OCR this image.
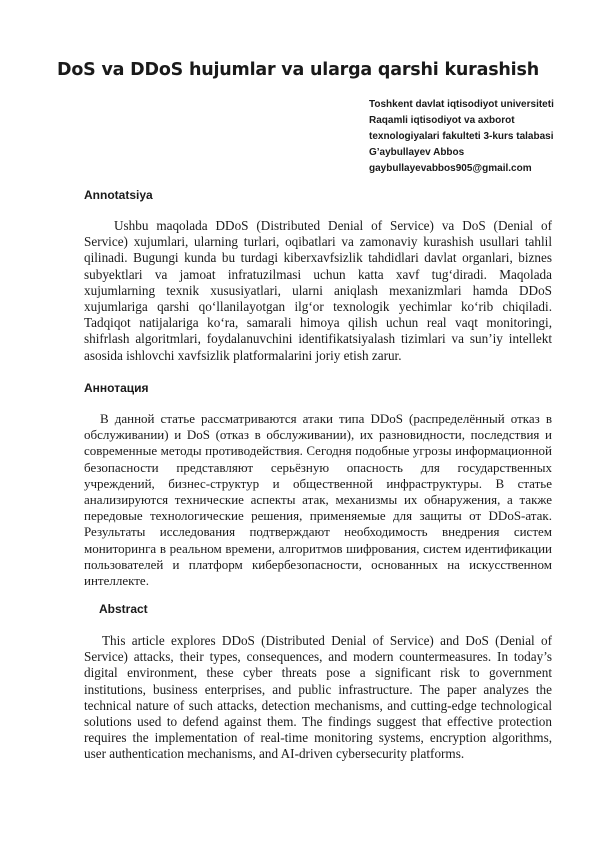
DoS va DDoS hujumlar va ularga qarshi kurashish
Toshkent davlat iqtisodiyot universiteti
Raqamli iqtisodiyot va axborot
texnologiyalari fakulteti 3-kurs talabasi
G’aybullayev Abbos
gaybullayevabbos905@gmail.com
Annotatsiya

Ushbu maqolada DDoS (Distributed Denial of Service) va DoS (Denial of Service) xujumlari, ularning turlari, oqibatlari va zamonaviy kurashish usullari tahlil qilinadi. Bugungi kunda bu turdagi kiberxavfsizlik tahdidlari davlat organlari, biznes subyektlari va jamoat infratuzilmasi uchun katta xavf tug‘diradi. Maqolada xujumlarning texnik xususiyatlari, ularni aniqlash mexanizmlari hamda DDoS xujumlariga qarshi qo‘llanilayotgan ilg‘or texnologik yechimlar ko‘rib chiqiladi. Tadqiqot natijalariga ko‘ra, samarali himoya qilish uchun real vaqt monitoringi, shifrlash algoritmlari, foydalanuvchini identifikatsiyalash tizimlari va sun’iy intellekt asosida ishlovchi xavfsizlik platformalarini joriy etish zarur.

Аннотация

В данной статье рассматриваются атаки типа DDoS (распределённый отказ в обслуживании) и DoS (отказ в обслуживании), их разновидности, последствия и современные методы противодействия. Сегодня подобные угрозы информационной безопасности представляют серьёзную опасность для государственных учреждений, бизнес-структур и общественной инфраструктуры. В статье анализируются технические аспекты атак, механизмы их обнаружения, а также передовые технологические решения, применяемые для защиты от DDoS-атак. Результаты исследования подтверждают необходимость внедрения систем мониторинга в реальном времени, алгоритмов шифрования, систем идентификации пользователей и платформ кибербезопасности, основанных на искусственном интеллекте.

Abstract

This article explores DDoS (Distributed Denial of Service) and DoS (Denial of Service) attacks, their types, consequences, and modern countermeasures. In today’s digital environment, these cyber threats pose a significant risk to government institutions, business enterprises, and public infrastructure. The paper analyzes the technical nature of such attacks, detection mechanisms, and cutting-edge technological solutions used to defend against them. The findings suggest that effective protection requires the implementation of real-time monitoring systems, encryption algorithms, user authentication mechanisms, and AI-driven cybersecurity platforms.
